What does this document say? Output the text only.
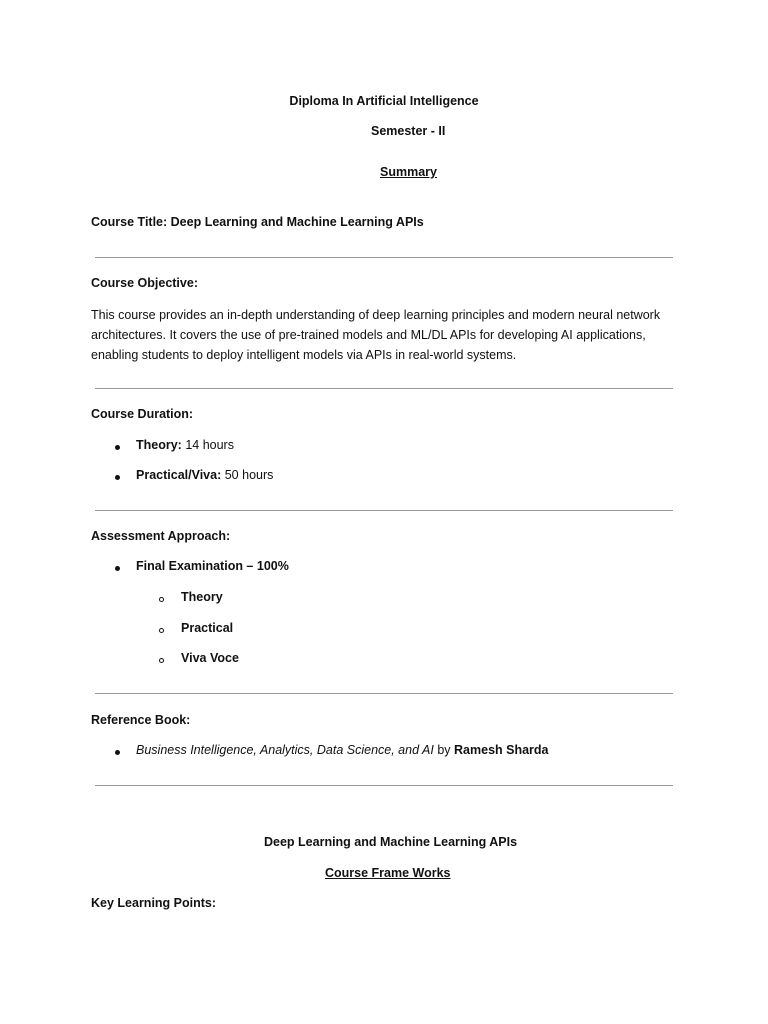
Diploma In Artificial Intelligence
Semester - II
Summary
Course Title: Deep Learning and Machine Learning APIs
Course Objective:
This course provides an in-depth understanding of deep learning principles and modern neural network
architectures. It covers the use of pre-trained models and ML/DL APIs for developing AI applications,
enabling students to deploy intelligent models via APIs in real-world systems.
Course Duration:
Theory: 14 hours
Practical/Viva: 50 hours
Assessment Approach:
Final Examination – 100%
Theory
Practical
Viva Voce
Reference Book:
Business Intelligence, Analytics, Data Science, and AI by Ramesh Sharda
Deep Learning and Machine Learning APIs
Course Frame Works
Key Learning Points:
